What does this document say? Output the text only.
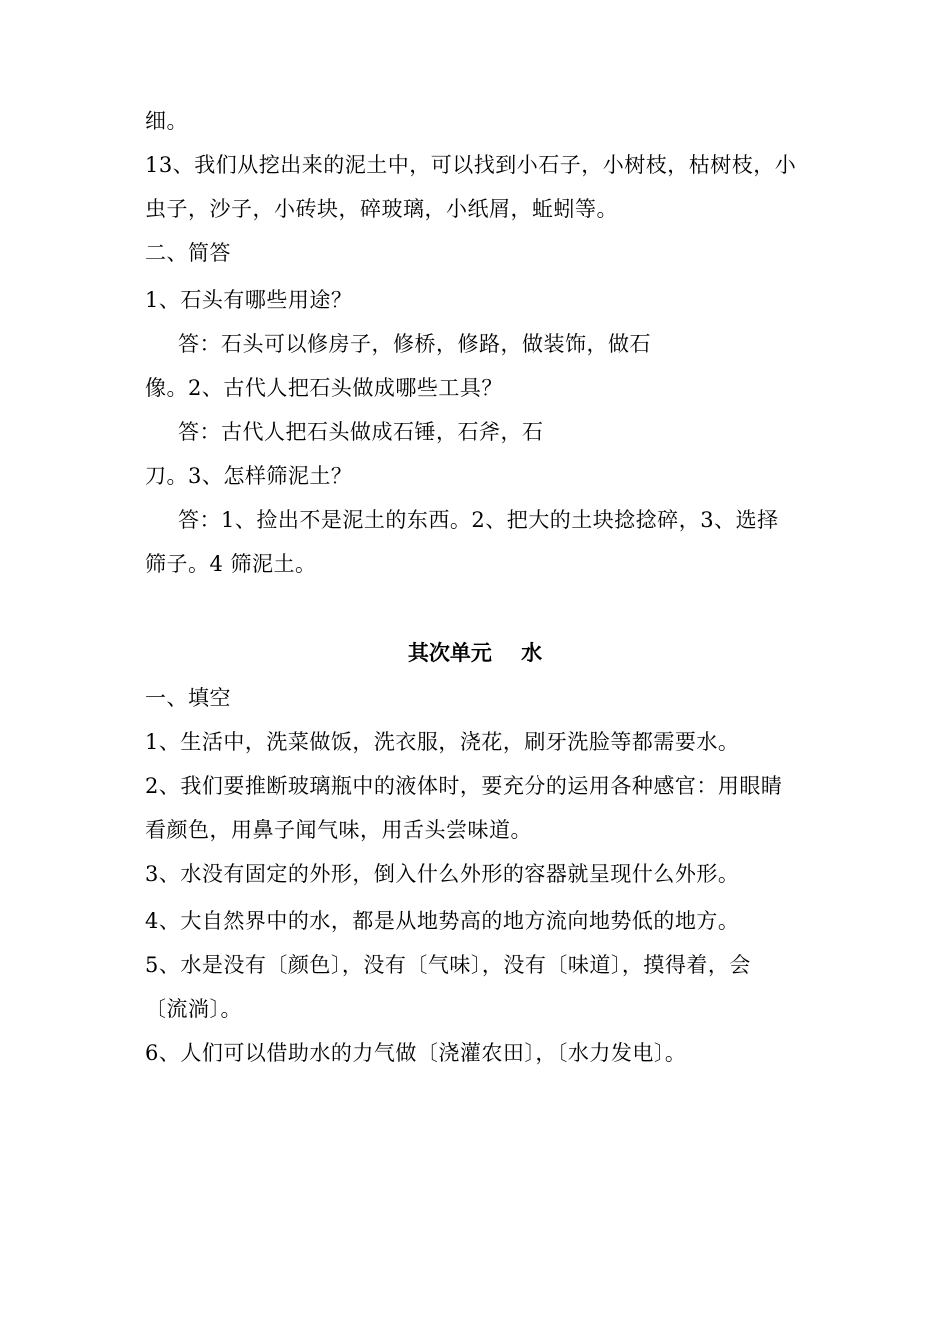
细。
13、我们从挖出来的泥土中，可以找到小石子，小树枝，枯树枝，小
虫子，沙子，小砖块，碎玻璃，小纸屑，蚯蚓等。
二、简答
1、石头有哪些用途？
答：石头可以修房子，修桥，修路，做装饰，做石
像。2、古代人把石头做成哪些工具？
答：古代人把石头做成石锤，石斧，石
刀。3、怎样筛泥土？
答：1、捡出不是泥土的东西。2、把大的土块捻捻碎，3、选择
筛子。4 筛泥土。
其次单元    水
一、填空
1、生活中，洗菜做饭，洗衣服，浇花，刷牙洗脸等都需要水。
2、我们要推断玻璃瓶中的液体时，要充分的运用各种感官：用眼睛
看颜色，用鼻子闻气味，用舌头尝味道。
3、水没有固定的外形，倒入什么外形的容器就呈现什么外形。
4、大自然界中的水，都是从地势高的地方流向地势低的地方。
5、水是没有〔颜色〕，没有〔气味〕，没有〔味道〕，摸得着，会
〔流淌〕。
6、人们可以借助水的力气做〔浇灌农田〕，〔水力发电〕。
